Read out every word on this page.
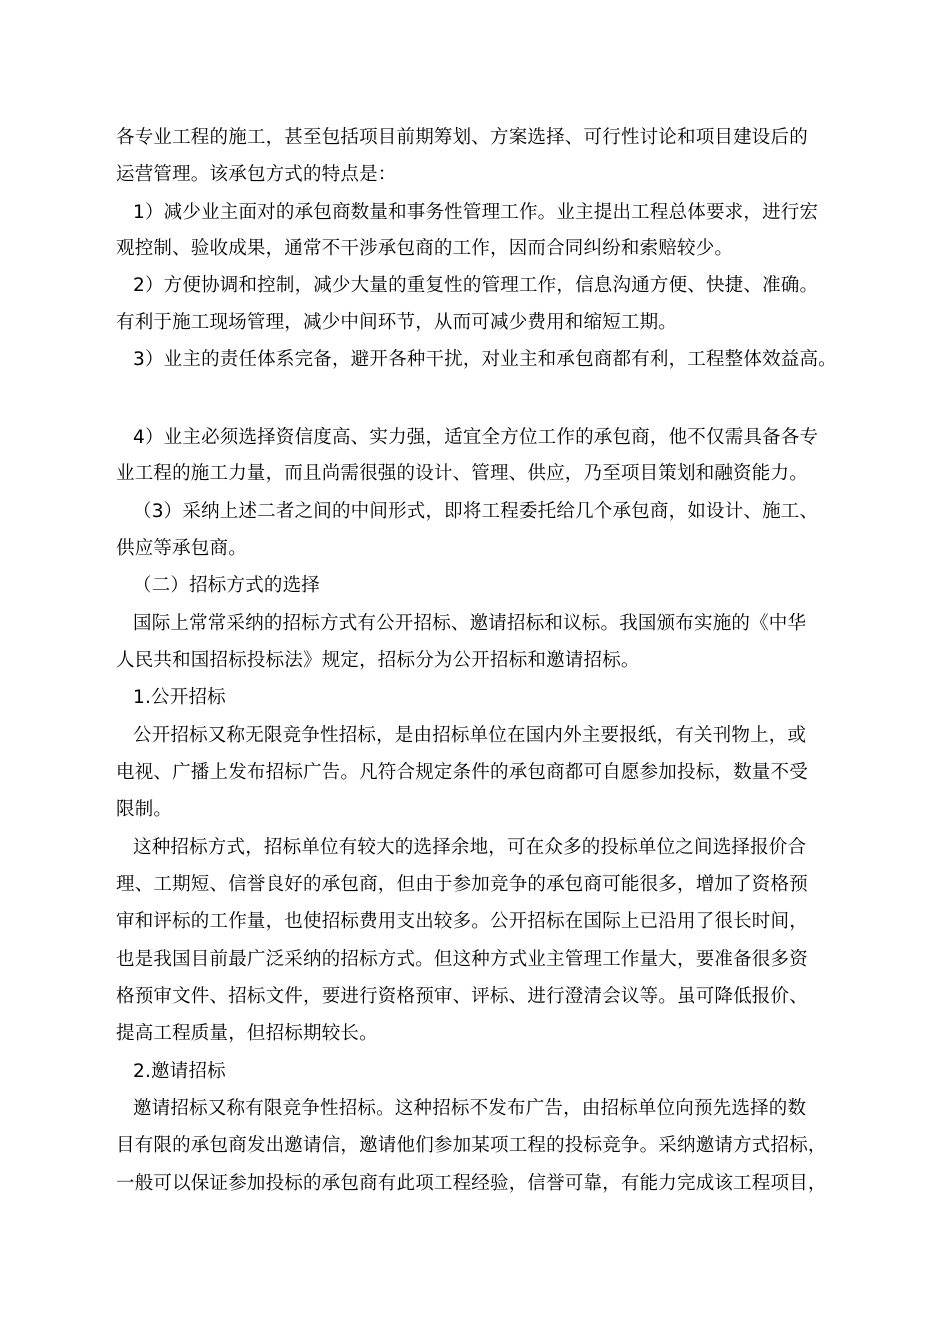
各专业工程的施工，甚至包括项目前期筹划、方案选择、可行性讨论和项目建设后的
运营管理。该承包方式的特点是：
1）减少业主面对的承包商数量和事务性管理工作。业主提出工程总体要求，进行宏
观控制、验收成果，通常不干涉承包商的工作，因而合同纠纷和索赔较少。
2）方便协调和控制，减少大量的重复性的管理工作，信息沟通方便、快捷、准确。
有利于施工现场管理，减少中间环节，从而可减少费用和缩短工期。
3）业主的责任体系完备，避开各种干扰，对业主和承包商都有利，工程整体效益高。
4）业主必须选择资信度高、实力强，适宜全方位工作的承包商，他不仅需具备各专
业工程的施工力量，而且尚需很强的设计、管理、供应，乃至项目策划和融资能力。
（3）采纳上述二者之间的中间形式，即将工程委托给几个承包商，如设计、施工、
供应等承包商。
（二）招标方式的选择
国际上常常采纳的招标方式有公开招标、邀请招标和议标。我国颁布实施的《中华
人民共和国招标投标法》规定，招标分为公开招标和邀请招标。
1.公开招标
公开招标又称无限竞争性招标，是由招标单位在国内外主要报纸，有关刊物上，或
电视、广播上发布招标广告。凡符合规定条件的承包商都可自愿参加投标，数量不受
限制。
这种招标方式，招标单位有较大的选择余地，可在众多的投标单位之间选择报价合
理、工期短、信誉良好的承包商，但由于参加竞争的承包商可能很多，增加了资格预
审和评标的工作量，也使招标费用支出较多。公开招标在国际上已沿用了很长时间，
也是我国目前最广泛采纳的招标方式。但这种方式业主管理工作量大，要准备很多资
格预审文件、招标文件，要进行资格预审、评标、进行澄清会议等。虽可降低报价、
提高工程质量，但招标期较长。
2.邀请招标
邀请招标又称有限竞争性招标。这种招标不发布广告，由招标单位向预先选择的数
目有限的承包商发出邀请信，邀请他们参加某项工程的投标竞争。采纳邀请方式招标，
一般可以保证参加投标的承包商有此项工程经验，信誉可靠，有能力完成该工程项目，
